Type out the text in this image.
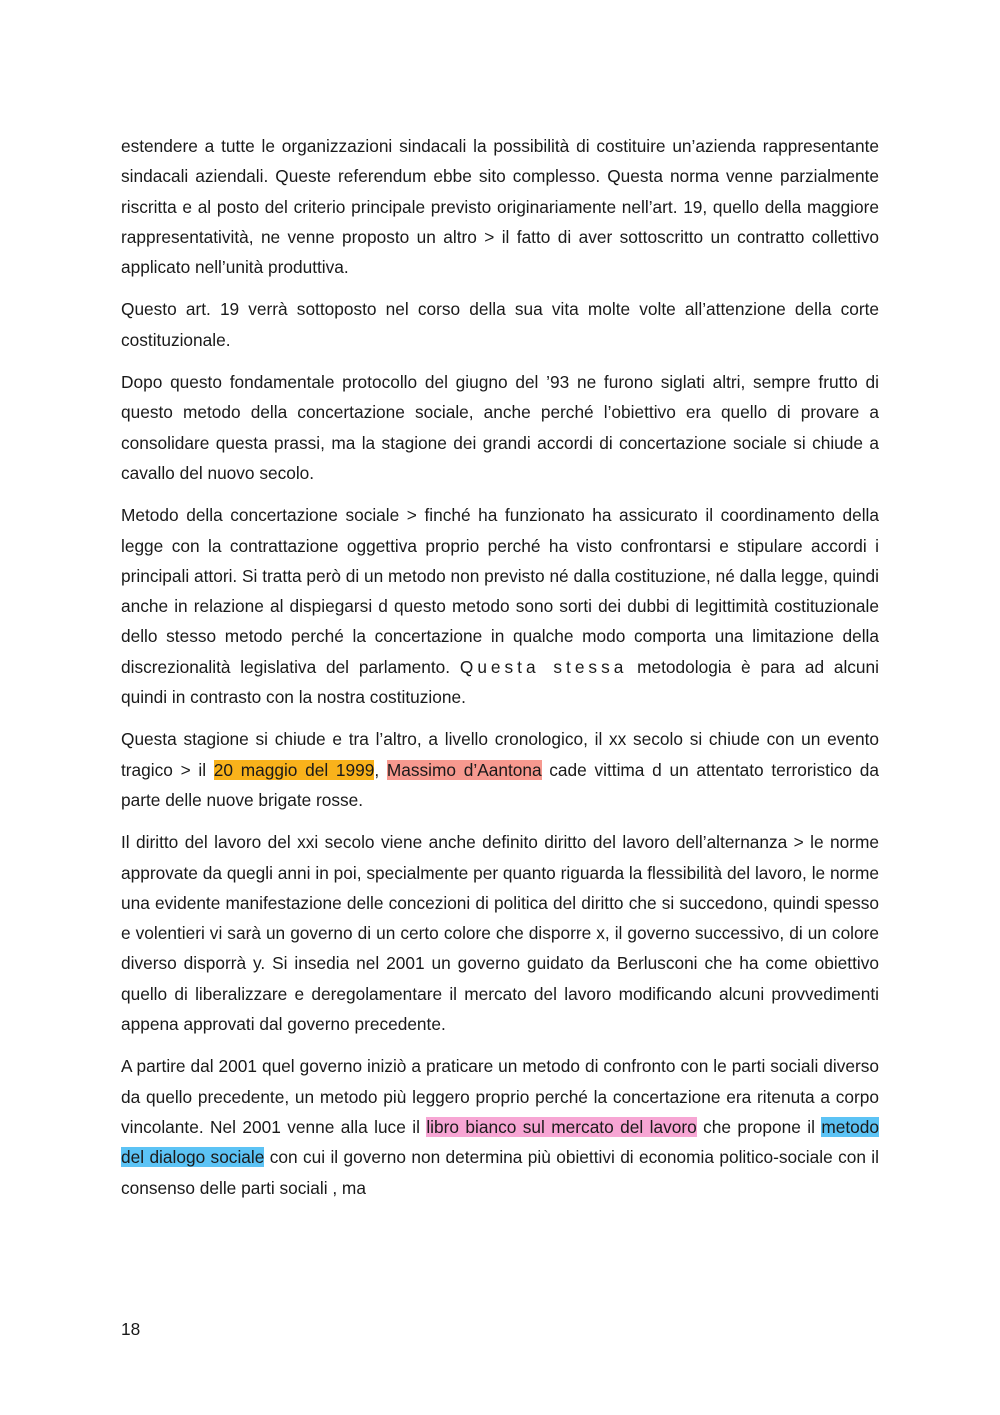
estendere a tutte le organizzazioni sindacali la possibilità di costituire un’azienda rappresentante sindacali aziendali. Queste referendum ebbe sito complesso. Questa norma venne parzialmente riscritta e al posto del criterio principale previsto originariamente nell’art. 19, quello della maggiore rappresentatività, ne venne proposto un altro > il fatto di aver sottoscritto un contratto collettivo applicato nell’unità produttiva.

Questo art. 19 verrà sottoposto nel corso della sua vita molte volte all’attenzione della corte costituzionale.

Dopo questo fondamentale protocollo del giugno del ’93 ne furono siglati altri, sempre frutto di questo metodo della concertazione sociale, anche perché l’obiettivo era quello di provare a consolidare questa prassi, ma la stagione dei grandi accordi di concertazione sociale si chiude a cavallo del nuovo secolo.

Metodo della concertazione sociale > finché ha funzionato ha assicurato il coordinamento della legge con la contrattazione oggettiva proprio perché ha visto confrontarsi e stipulare accordi i principali attori. Si tratta però di un metodo non previsto né dalla costituzione, né dalla legge, quindi anche in relazione al dispiegarsi d questo metodo sono sorti dei dubbi di legittimità costituzionale dello stesso metodo perché la concertazione in qualche modo comporta una limitazione della discrezionalità legislativa del parlamento. Questa stessa metodologia è para ad alcuni quindi in contrasto con la nostra costituzione.

Questa stagione si chiude e tra l’altro, a livello cronologico, il xx secolo si chiude con un evento tragico > il 20 maggio del 1999, Massimo d’Aantona cade vittima d un attentato terroristico da parte delle nuove brigate rosse.

Il diritto del lavoro del xxi secolo viene anche definito diritto del lavoro dell’alternanza > le norme approvate da quegli anni in poi, specialmente per quanto riguarda la flessibilità del lavoro, le norme una evidente manifestazione delle concezioni di politica del diritto che si succedono, quindi spesso e volentieri vi sarà un governo di un certo colore che disporre x, il governo successivo, di un colore diverso disporrà y. Si insedia nel 2001 un governo guidato da Berlusconi che ha come obiettivo quello di liberalizzare e deregolamentare il mercato del lavoro modificando alcuni provvedimenti appena approvati dal governo precedente.

A partire dal 2001 quel governo iniziò a praticare un metodo di confronto con le parti sociali diverso da quello precedente, un metodo più leggero proprio perché la concertazione era ritenuta a corpo vincolante. Nel 2001 venne alla luce il libro bianco sul mercato del lavoro che propone il metodo del dialogo sociale con cui il governo non determina più obiettivi di economia politico-sociale con il consenso delle parti sociali , ma

18
